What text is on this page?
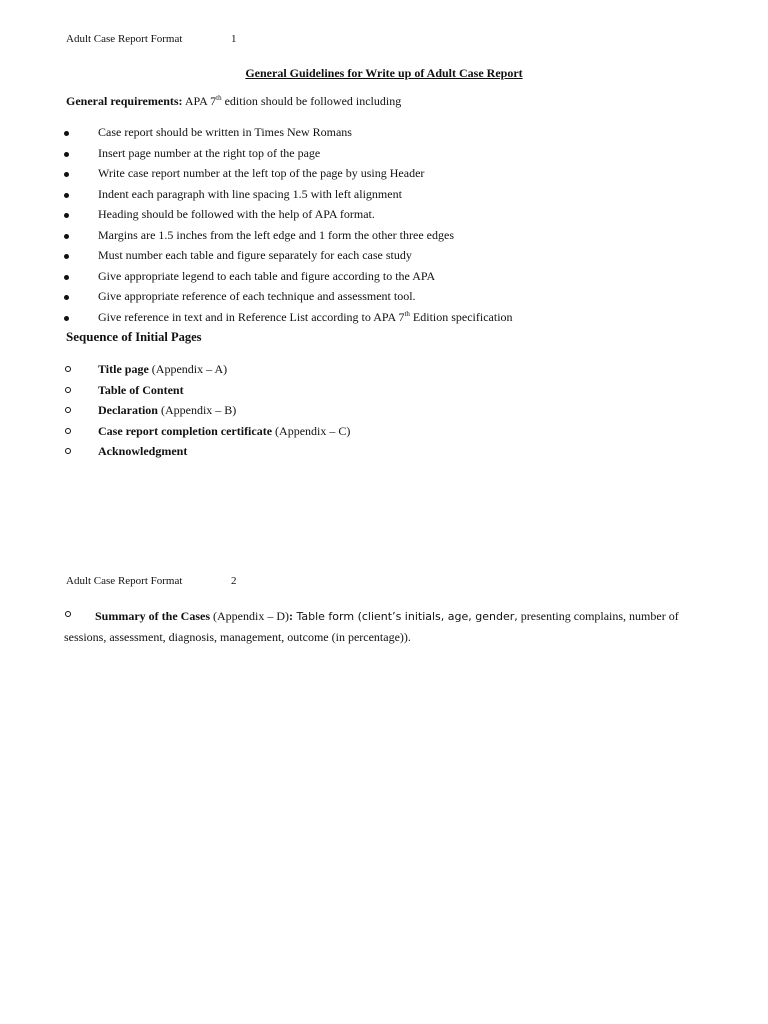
Adult Case Report Format	1
General Guidelines for Write up of Adult Case Report
General requirements: APA 7th edition should be followed including
Case report should be written in Times New Romans
Insert page number at the right top of the page
Write case report number at the left top of the page by using Header
Indent each paragraph with line spacing 1.5 with left alignment
Heading should be followed with the help of APA format.
Margins are 1.5 inches from the left edge and 1 form the other three edges
Must number each table and figure separately for each case study
Give appropriate legend to each table and figure according to the APA
Give appropriate reference of each technique and assessment tool.
Give reference in text and in Reference List according to APA 7th Edition specification
Sequence of Initial Pages
Title page (Appendix – A)
Table of Content
Declaration (Appendix – B)
Case report completion certificate (Appendix – C)
Acknowledgment
Adult Case Report Format	2
Summary of the Cases (Appendix – D): Table form (client’s initials, age, gender, presenting complains, number of sessions, assessment, diagnosis, management, outcome (in percentage)).
